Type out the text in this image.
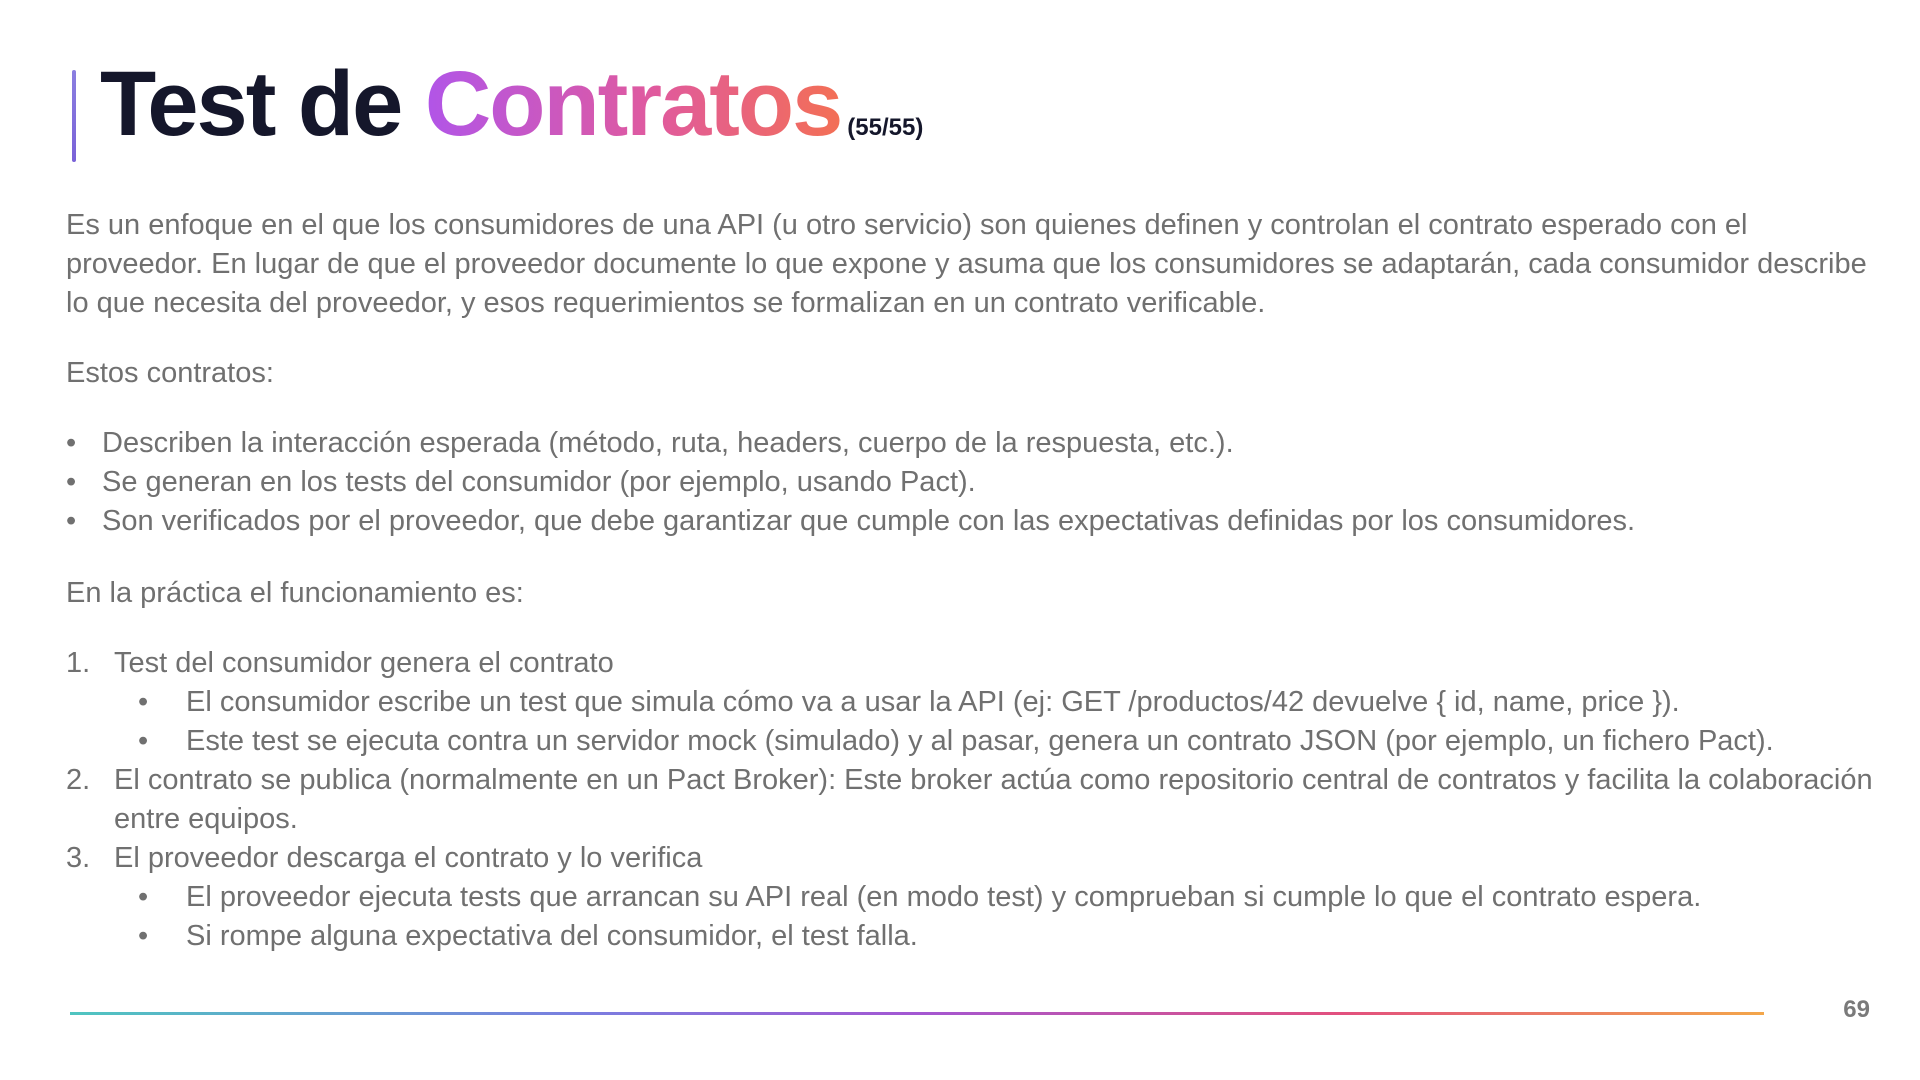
Test de Contratos (55/55)

Es un enfoque en el que los consumidores de una API (u otro servicio) son quienes definen y controlan el contrato esperado con el proveedor. En lugar de que el proveedor documente lo que expone y asuma que los consumidores se adaptarán, cada consumidor describe lo que necesita del proveedor, y esos requerimientos se formalizan en un contrato verificable.

Estos contratos:

• Describen la interacción esperada (método, ruta, headers, cuerpo de la respuesta, etc.).
• Se generan en los tests del consumidor (por ejemplo, usando Pact).
• Son verificados por el proveedor, que debe garantizar que cumple con las expectativas definidas por los consumidores.

En la práctica el funcionamiento es:

1. Test del consumidor genera el contrato
• El consumidor escribe un test que simula cómo va a usar la API (ej: GET /productos/42 devuelve { id, name, price }).
• Este test se ejecuta contra un servidor mock (simulado) y al pasar, genera un contrato JSON (por ejemplo, un fichero Pact).
2. El contrato se publica (normalmente en un Pact Broker): Este broker actúa como repositorio central de contratos y facilita la colaboración entre equipos.
3. El proveedor descarga el contrato y lo verifica
• El proveedor ejecuta tests que arrancan su API real (en modo test) y comprueban si cumple lo que el contrato espera.
• Si rompe alguna expectativa del consumidor, el test falla.
69
